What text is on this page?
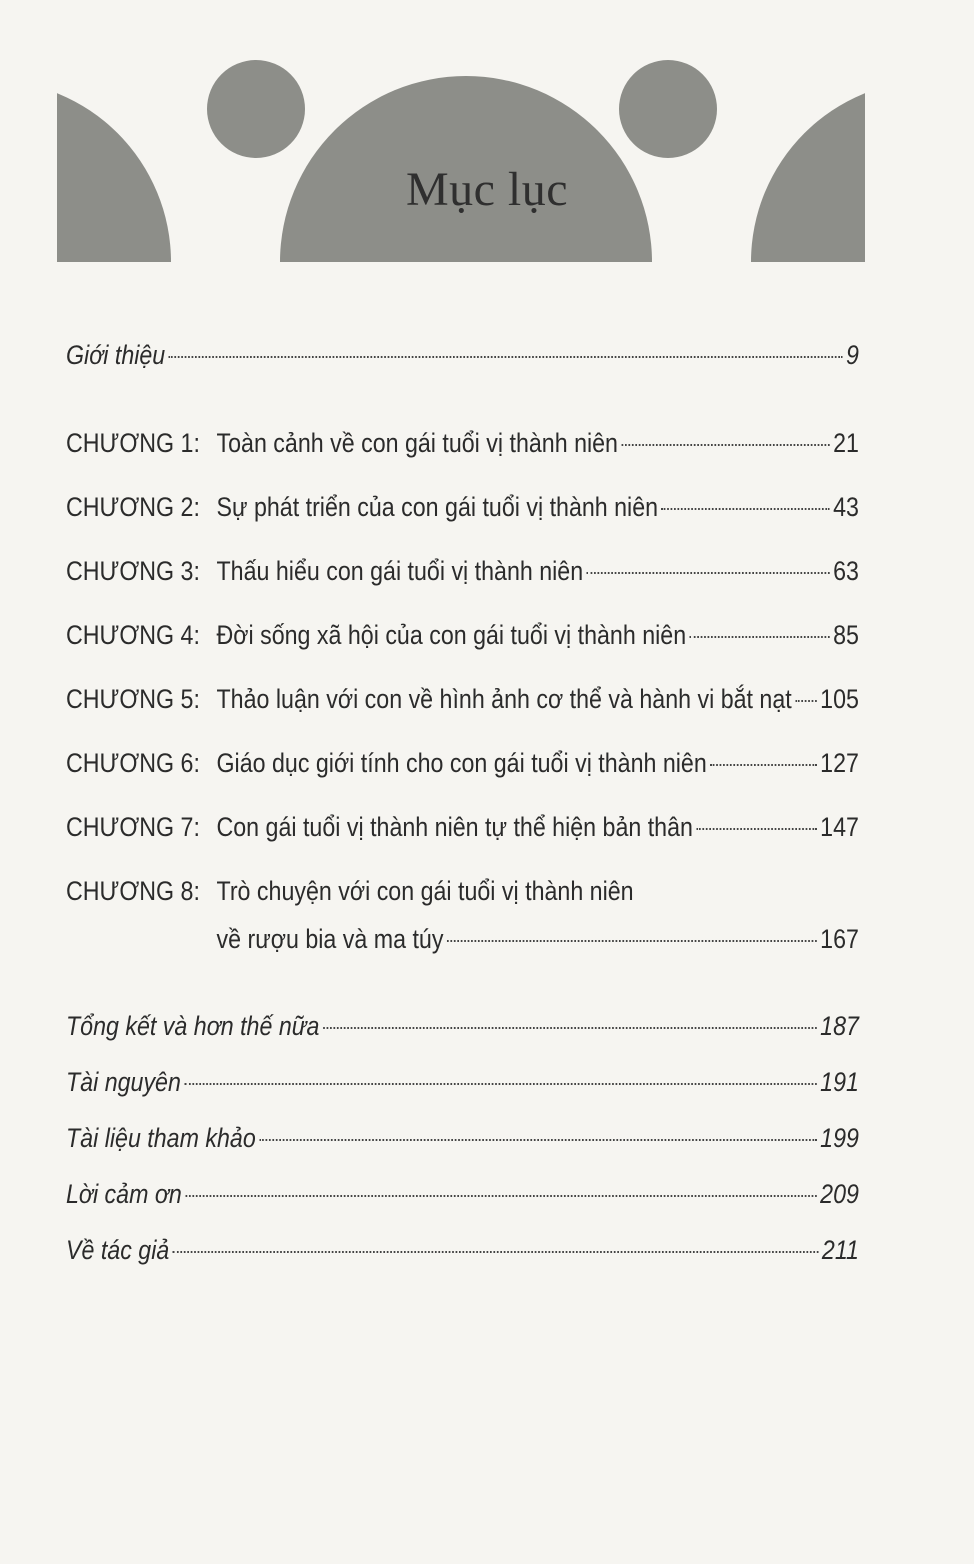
Mục lục
Giới thiệu	9
CHƯƠNG 1: Toàn cảnh về con gái tuổi vị thành niên	21
CHƯƠNG 2: Sự phát triển của con gái tuổi vị thành niên	43
CHƯƠNG 3: Thấu hiểu con gái tuổi vị thành niên	63
CHƯƠNG 4: Đời sống xã hội của con gái tuổi vị thành niên	85
CHƯƠNG 5: Thảo luận với con về hình ảnh cơ thể và hành vi bắt nạt 105
CHƯƠNG 6: Giáo dục giới tính cho con gái tuổi vị thành niên	127
CHƯƠNG 7: Con gái tuổi vị thành niên tự thể hiện bản thân	147
CHƯƠNG 8: Trò chuyện với con gái tuổi vị thành niên
về rượu bia và ma túy	167
Tổng kết và hơn thế nữa	187
Tài nguyên	191
Tài liệu tham khảo	199
Lời cảm ơn	209
Về tác giả	211
